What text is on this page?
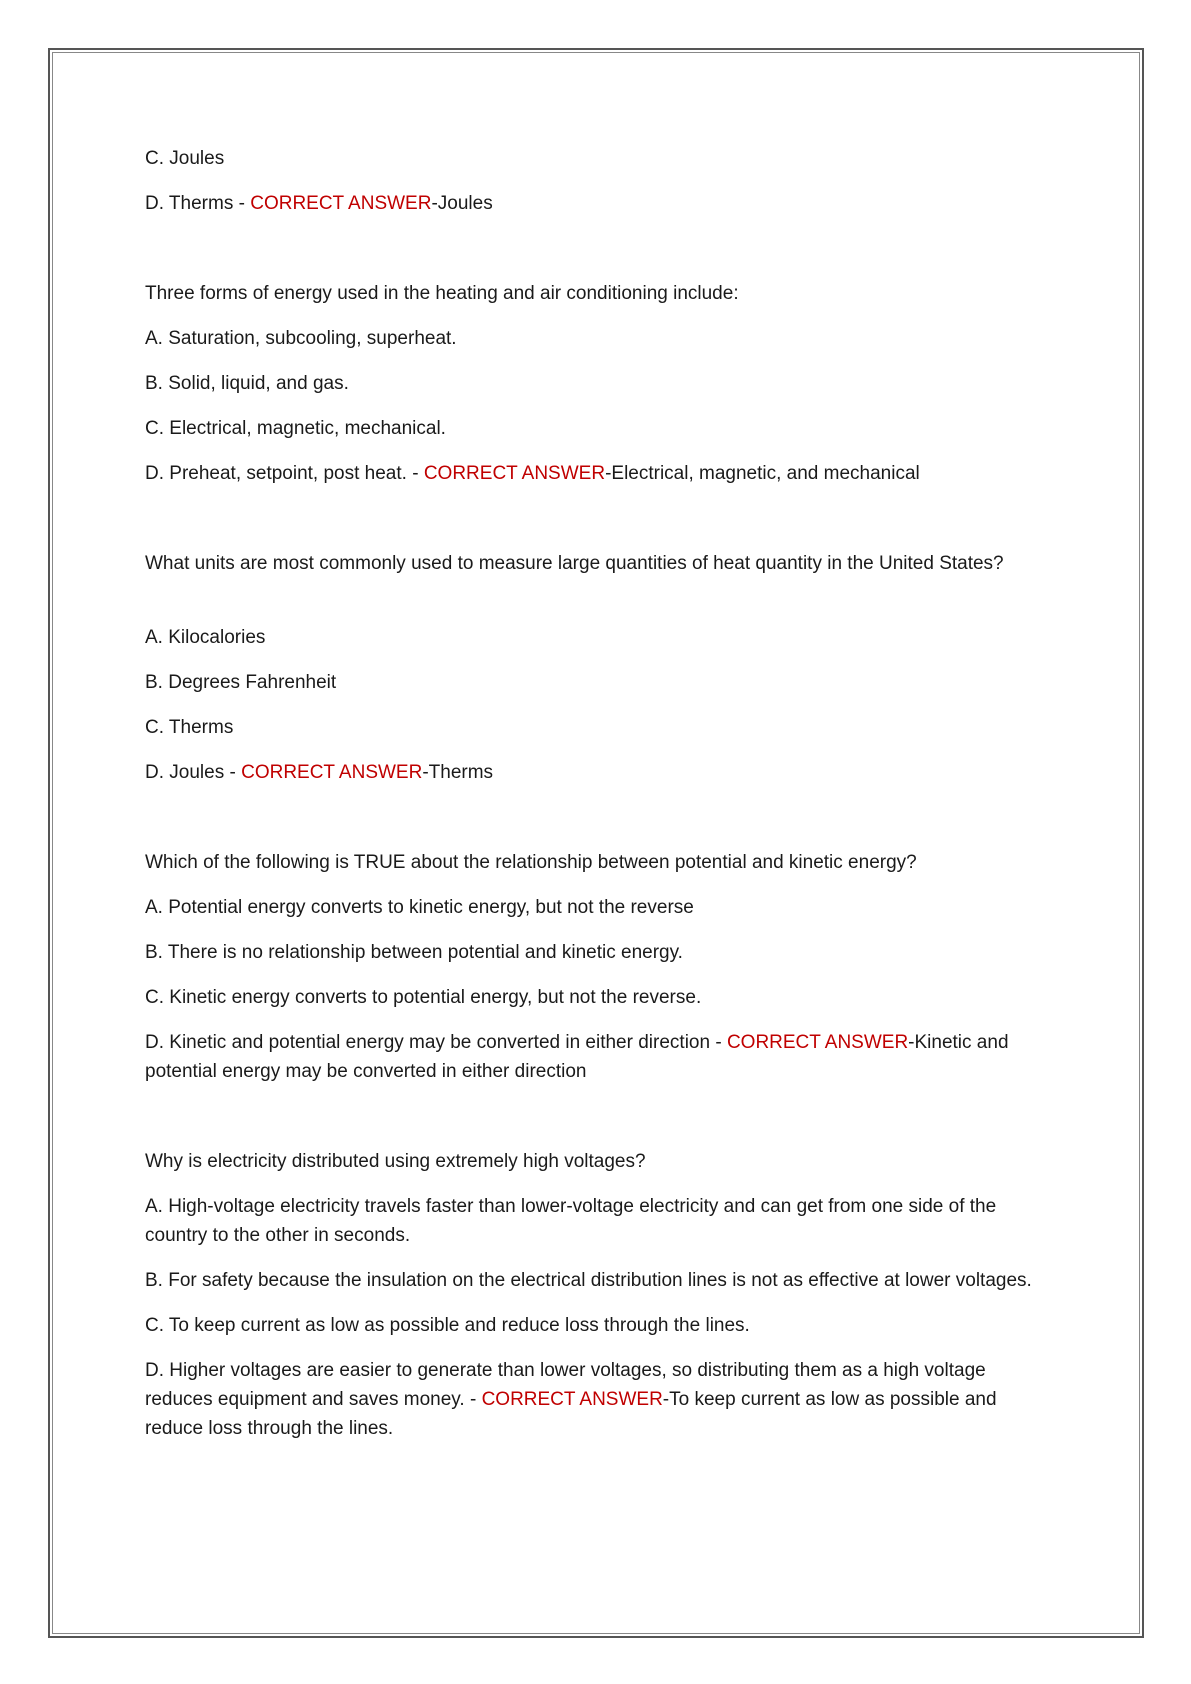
C. Joules

D. Therms - CORRECT ANSWER-Joules

Three forms of energy used in the heating and air conditioning include:

A. Saturation, subcooling, superheat.

B. Solid, liquid, and gas.

C. Electrical, magnetic, mechanical.

D. Preheat, setpoint, post heat. - CORRECT ANSWER-Electrical, magnetic, and mechanical

What units are most commonly used to measure large quantities of heat quantity in the United States?

A. Kilocalories

B. Degrees Fahrenheit

C. Therms

D. Joules - CORRECT ANSWER-Therms

Which of the following is TRUE about the relationship between potential and kinetic energy?

A. Potential energy converts to kinetic energy, but not the reverse

B. There is no relationship between potential and kinetic energy.

C. Kinetic energy converts to potential energy, but not the reverse.

D. Kinetic and potential energy may be converted in either direction - CORRECT ANSWER-Kinetic and potential energy may be converted in either direction

Why is electricity distributed using extremely high voltages?

A. High-voltage electricity travels faster than lower-voltage electricity and can get from one side of the country to the other in seconds.

B. For safety because the insulation on the electrical distribution lines is not as effective at lower voltages.

C. To keep current as low as possible and reduce loss through the lines.

D. Higher voltages are easier to generate than lower voltages, so distributing them as a high voltage reduces equipment and saves money. - CORRECT ANSWER-To keep current as low as possible and reduce loss through the lines.
